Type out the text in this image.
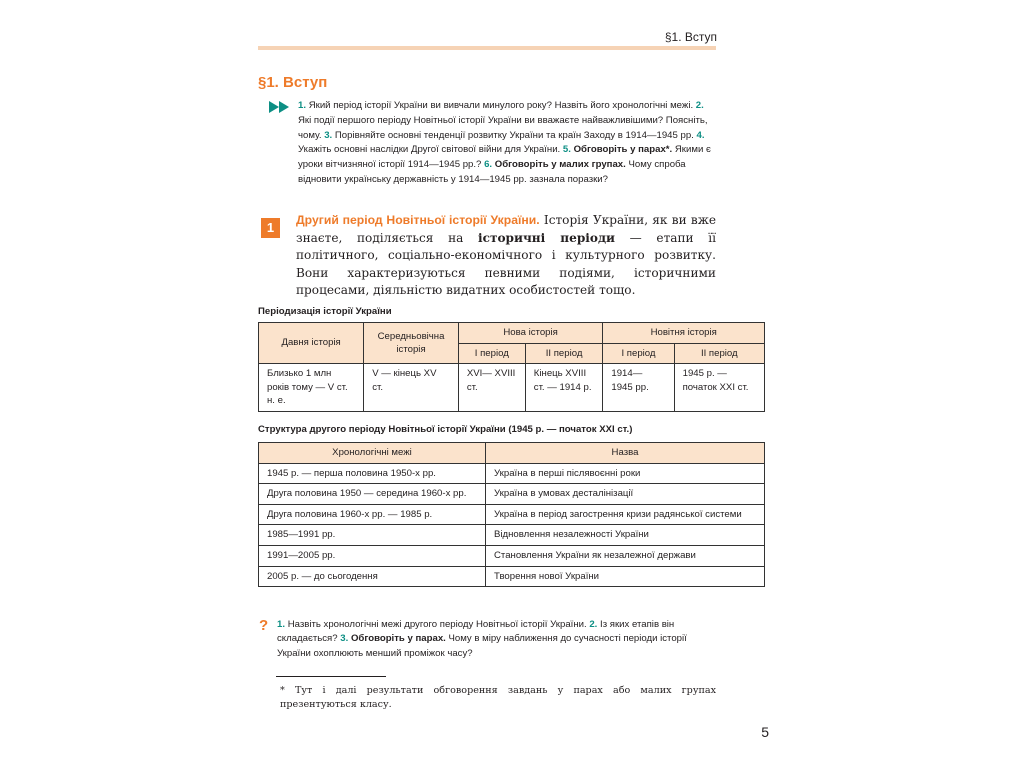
§1. Вступ
§1. Вступ
1. Який період історії України ви вивчали минулого року? Назвіть його хронологічні межі. 2. Які події першого періоду Новітньої історії України ви вважаєте найважливішими? Поясніть, чому. 3. Порівняйте основні тенденції розвитку України та країн Заходу в 1914—1945 рр. 4. Укажіть основні наслідки Другої світової війни для України. 5. Обговоріть у парах*. Якими є уроки вітчизняної історії 1914—1945 рр.? 6. Обговоріть у малих групах. Чому спроба відновити українську державність у 1914—1945 рр. зазнала поразки?
1	Другий період Новітньої історії України. Історія України, як ви вже знаєте, поділяється на історичні періоди — етапи її політичного, соціально-економічного і культурного розвитку. Вони характеризуються певними подіями, історичними процесами, діяльністю видатних особистостей тощо.
Періодизація історії України
Давня історія	Середньовічна історія	Нова історія		Новітня історія	
		I період	II період	I період	II період
Близько 1 млн років тому — V ст. н. е.	V — кінець XV ст.	XVI— XVIII ст.	Кінець XVIII ст. — 1914 р.	1914— 1945 рр.	1945 р. — початок XXI ст.
Структура другого періоду Новітньої історії України (1945 р. — початок XXI ст.)
Хронологічні межі	Назва
1945 р. — перша половина 1950-х рр.	Україна в перші післявоєнні роки
Друга половина 1950 — середина 1960-х рр.	Україна в умовах десталінізації
Друга половина 1960-х рр. — 1985 р.	Україна в період загострення кризи радянської системи
1985—1991 рр.	Відновлення незалежності України
1991—2005 рр.	Становлення України як незалежної держави
2005 р. — до сьогодення	Творення нової України
? 1. Назвіть хронологічні межі другого періоду Новітньої історії України. 2. Із яких етапів він складається? 3. Обговоріть у парах. Чому в міру наближення до сучасності періоди історії України охоплюють менший проміжок часу?
* Тут і далі результати обговорення завдань у парах або малих групах презентуються класу.
5
